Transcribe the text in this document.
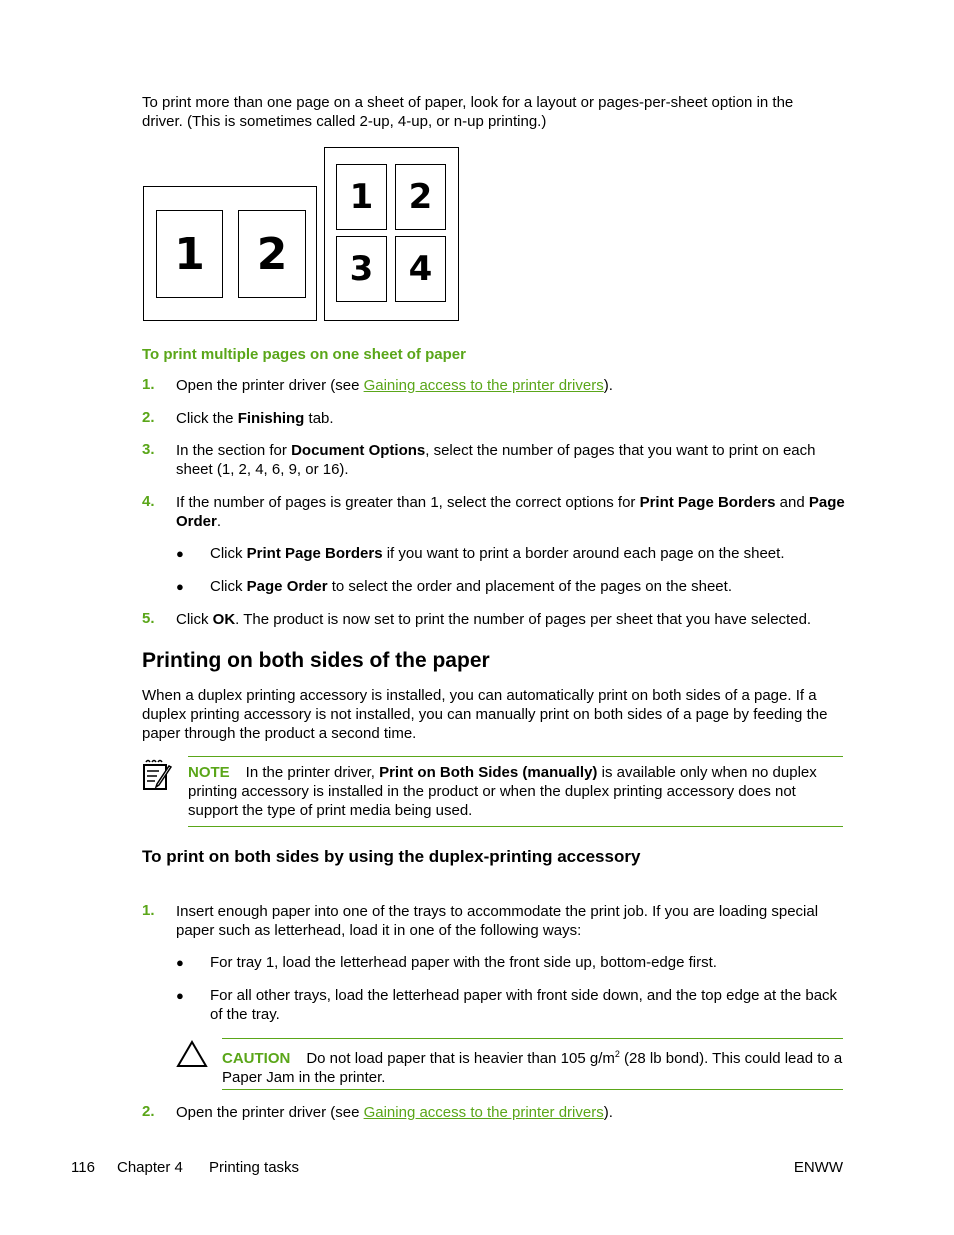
To print more than one page on a sheet of paper, look for a layout or pages-per-sheet option in the
driver. (This is sometimes called 2-up, 4-up, or n-up printing.)

1	2
1	2
3	4

To print multiple pages on one sheet of paper

1. Open the printer driver (see Gaining access to the printer drivers).

2. Click the Finishing tab.

3. In the section for Document Options, select the number of pages that you want to print on each sheet (1, 2, 4, 6, 9, or 16).

4. If the number of pages is greater than 1, select the correct options for Print Page Borders and Page Order.

● Click Print Page Borders if you want to print a border around each page on the sheet.

● Click Page Order to select the order and placement of the pages on the sheet.

5. Click OK. The product is now set to print the number of pages per sheet that you have selected.

Printing on both sides of the paper

When a duplex printing accessory is installed, you can automatically print on both sides of a page. If a duplex printing accessory is not installed, you can manually print on both sides of a page by feeding the paper through the product a second time.

NOTE In the printer driver, Print on Both Sides (manually) is available only when no duplex printing accessory is installed in the product or when the duplex printing accessory does not support the type of print media being used.

To print on both sides by using the duplex-printing accessory
1. Insert enough paper into one of the trays to accommodate the print job. If you are loading special paper such as letterhead, load it in one of the following ways:

● For tray 1, load the letterhead paper with the front side up, bottom-edge first.

● For all other trays, load the letterhead paper with front side down, and the top edge at the back of the tray.

CAUTION Do not load paper that is heavier than 105 $g/m^2$ (28 lb bond). This could lead to a Paper Jam in the printer.

2. Open the printer driver (see Gaining access to the printer drivers).

116 Chapter 4 Printing tasks	ENWW
